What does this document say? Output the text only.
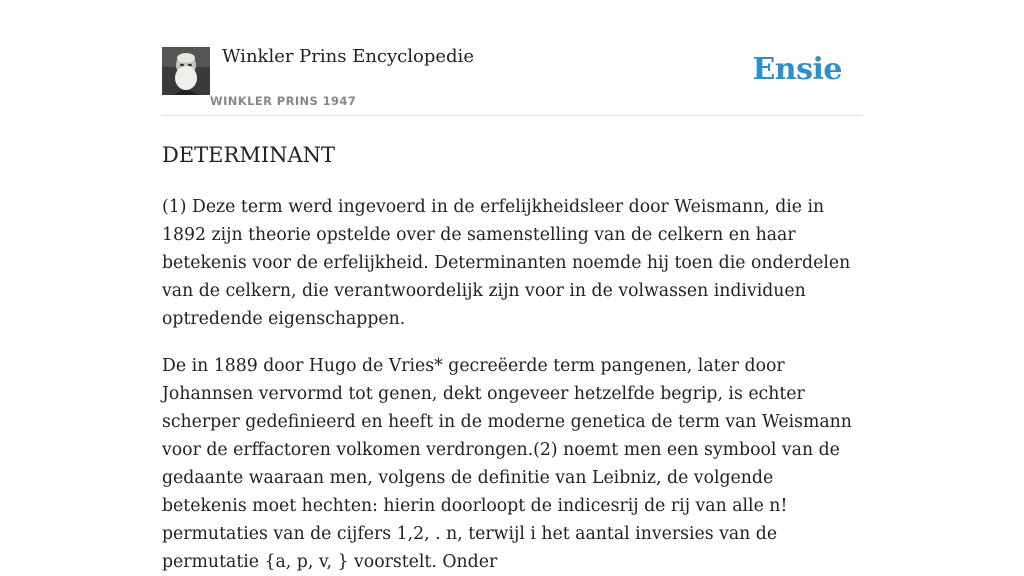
Winkler Prins Encyclopedie
WINKLER PRINS 1947
Ensie
DETERMINANT

(1) Deze term werd ingevoerd in de erfelijkheidsleer door Weismann, die in 1892 zijn theorie opstelde over de samenstelling van de celkern en haar betekenis voor de erfelijkheid. Determinanten noemde hij toen die onderdelen van de celkern, die verantwoordelijk zijn voor in de volwassen individuen optredende eigenschappen.

De in 1889 door Hugo de Vries* gecreëerde term pangenen, later door Johannsen vervormd tot genen, dekt ongeveer hetzelfde begrip, is echter scherper gedefinieerd en heeft in de moderne genetica de term van Weismann voor de erffactoren volkomen verdrongen.(2) noemt men een symbool van de gedaante waaraan men, volgens de definitie van Leibniz, de volgende betekenis moet hechten: hierin doorloopt de indicesrij de rij van alle n! permutaties van de cijfers 1,2, . n, terwijl i het aantal inversies van de permutatie {a, p, v, } voorstelt. Onder
